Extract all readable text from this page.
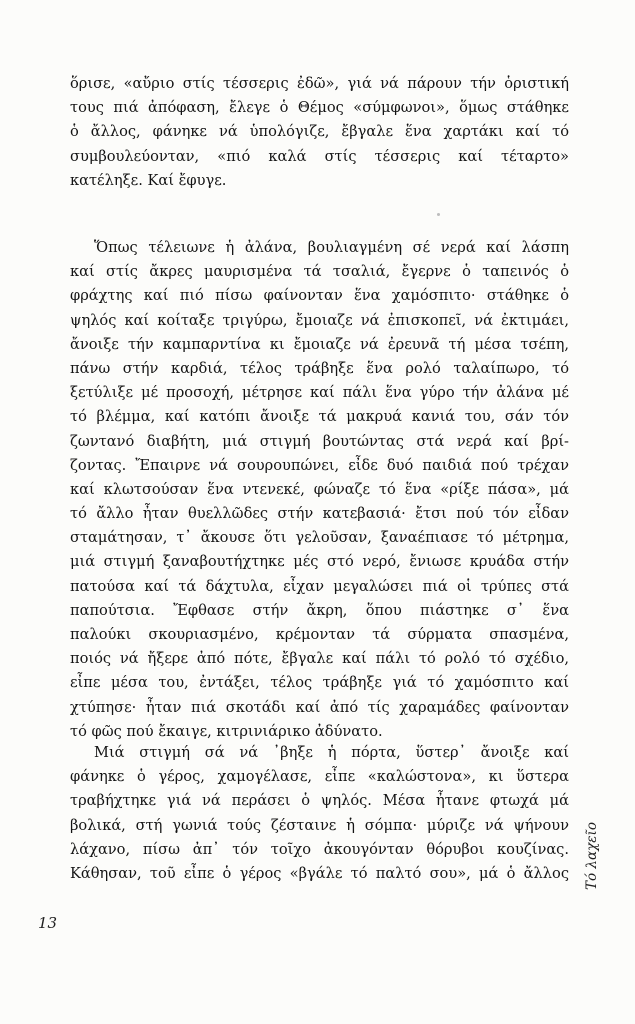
ὅρισε, «αὔριο στίς τέσσερις ἐδῶ», γιά νά πάρουν τήν ὁριστική
τους πιά ἀπόφαση, ἔλεγε ὁ Θέμος «σύμφωνοι», ὅμως στάθηκε
ὁ ἄλλος, φάνηκε νά ὑπολόγιζε, ἔβγαλε ἕνα χαρτάκι καί τό
συμβουλεύονταν, «πιό καλά στίς τέσσερις καί τέταρτο»
κατέληξε. Καί ἔφυγε.
Ὅπως τέλειωνε ἡ ἀλάνα, βουλιαγμένη σέ νερά καί λάσπη
καί στίς ἄκρες μαυρισμένα τά τσαλιά, ἔγερνε ὁ ταπεινός ὁ
φράχτης καί πιό πίσω φαίνονταν ἕνα χαμόσπιτο· στάθηκε ὁ
ψηλός καί κοίταξε τριγύρω, ἔμοιαζε νά ἐπισκοπεῖ, νά ἐκτιμάει,
ἄνοιξε τήν καμπαρντίνα κι ἔμοιαζε νά ἐρευνᾶ τή μέσα τσέπη,
πάνω στήν καρδιά, τέλος τράβηξε ἕνα ρολό ταλαίπωρο, τό
ξετύλιξε μέ προσοχή, μέτρησε καί πάλι ἕνα γύρο τήν ἀλάνα μέ
τό βλέμμα, καί κατόπι ἄνοιξε τά μακρυά κανιά του, σάν τόν
ζωντανό διαβήτη, μιά στιγμή βουτώντας στά νερά καί βρί-
ζοντας. Ἔπαιρνε νά σουρουπώνει, εἶδε δυό παιδιά πού τρέχαν
καί κλωτσούσαν ἕνα ντενεκέ, φώναζε τό ἕνα «ρίξε πάσα», μά
τό ἄλλο ἦταν θυελλῶδες στήν κατεβασιά· ἔτσι πού τόν εἶδαν
σταμάτησαν, τ᾽ ἄκουσε ὅτι γελοῦσαν, ξαναέπιασε τό μέτρημα,
μιά στιγμή ξαναβουτήχτηκε μές στό νερό, ἔνιωσε κρυάδα στήν
πατούσα καί τά δάχτυλα, εἶχαν μεγαλώσει πιά οἱ τρύπες στά
παπούτσια. Ἔφθασε στήν ἄκρη, ὅπου πιάστηκε σ᾽ ἕνα
παλούκι σκουριασμένο, κρέμονταν τά σύρματα σπασμένα,
ποιός νά ἤξερε ἀπό πότε, ἔβγαλε καί πάλι τό ρολό τό σχέδιο,
εἶπε μέσα του, ἐντάξει, τέλος τράβηξε γιά τό χαμόσπιτο καί
χτύπησε· ἦταν πιά σκοτάδι καί ἀπό τίς χαραμάδες φαίνονταν
τό φῶς πού ἔκαιγε, κιτρινιάρικο ἀδύνατο.
Μιά στιγμή σά νά ᾽βηξε ἡ πόρτα, ὕστερ᾽ ἄνοιξε καί
φάνηκε ὁ γέρος, χαμογέλασε, εἶπε «καλώστονα», κι ὕστερα
τραβήχτηκε γιά νά περάσει ὁ ψηλός. Μέσα ἦτανε φτωχά μά
βολικά, στή γωνιά τούς ζέσταινε ἡ σόμπα· μύριζε νά ψήνουν
λάχανο, πίσω ἀπ᾽ τόν τοῖχο ἀκουγόνταν θόρυβοι κουζίνας.
Κάθησαν, τοῦ εἶπε ὁ γέρος «βγάλε τό παλτό σου», μά ὁ ἄλλος
13
Τό λαχεῖο
